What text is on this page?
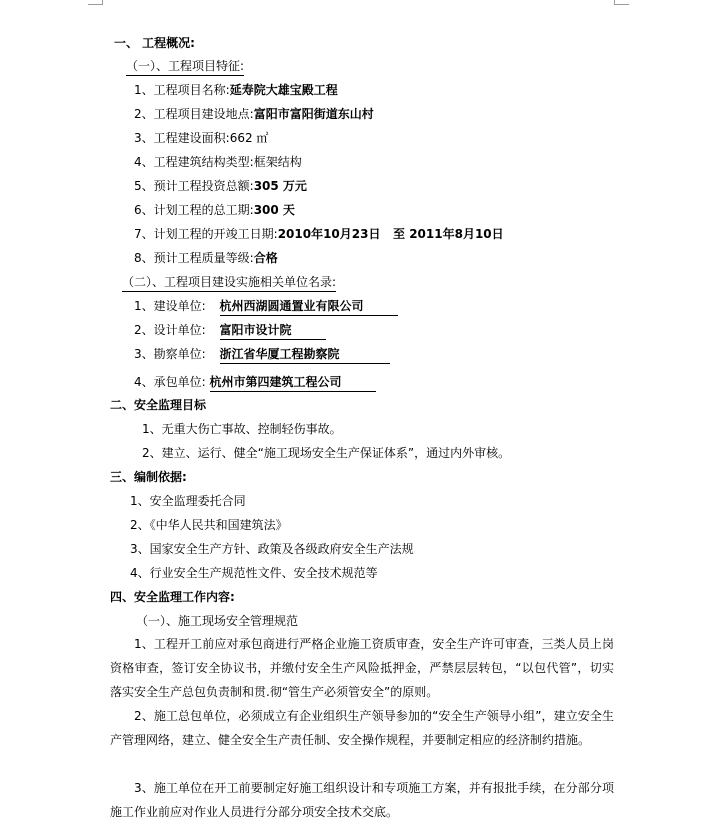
一、 工程概况:
（一）、工程项目特征:
1、工程项目名称:延寿院大雄宝殿工程
2、工程项目建设地点:富阳市富阳街道东山村
3、工程建设面积:662 ㎡
4、工程建筑结构类型:框架结构
5、预计工程投资总额:305 万元
6、计划工程的总工期:300 天
7、计划工程的开竣工日期:2010年10月23日   至 2011年8月10日
8、预计工程质量等级:合格
（二）、工程项目建设实施相关单位名录:
1、建设单位: 杭州西湖圆通置业有限公司
2、设计单位: 富阳市设计院
3、勘察单位: 浙江省华厦工程勘察院
4、承包单位: 杭州市第四建筑工程公司
二、安全监理目标
1、无重大伤亡事故、控制轻伤事故。
2、建立、运行、健全“施工现场安全生产保证体系”，通过内外审核。
三、编制依据:
1、安全监理委托合同
2、《中华人民共和国建筑法》
3、国家安全生产方针、政策及各级政府安全生产法规
4、行业安全生产规范性文件、安全技术规范等
四、安全监理工作内容:
（一）、施工现场安全管理规范
1、工程开工前应对承包商进行严格企业施工资质审查，安全生产许可审查，三类人员上岗资格审查，签订安全协议书，并缴付安全生产风险抵押金，严禁层层转包，“以包代管”，切实落实安全生产总包负责制和贯.彻“管生产必须管安全”的原则。
2、施工总包单位，必须成立有企业组织生产领导参加的“安全生产领导小组”，建立安全生产管理网络，建立、健全安全生产责任制、安全操作规程，并要制定相应的经济制约措施。
3、施工单位在开工前要制定好施工组织设计和专项施工方案，并有报批手续，在分部分项施工作业前应对作业人员进行分部分项安全技术交底。
